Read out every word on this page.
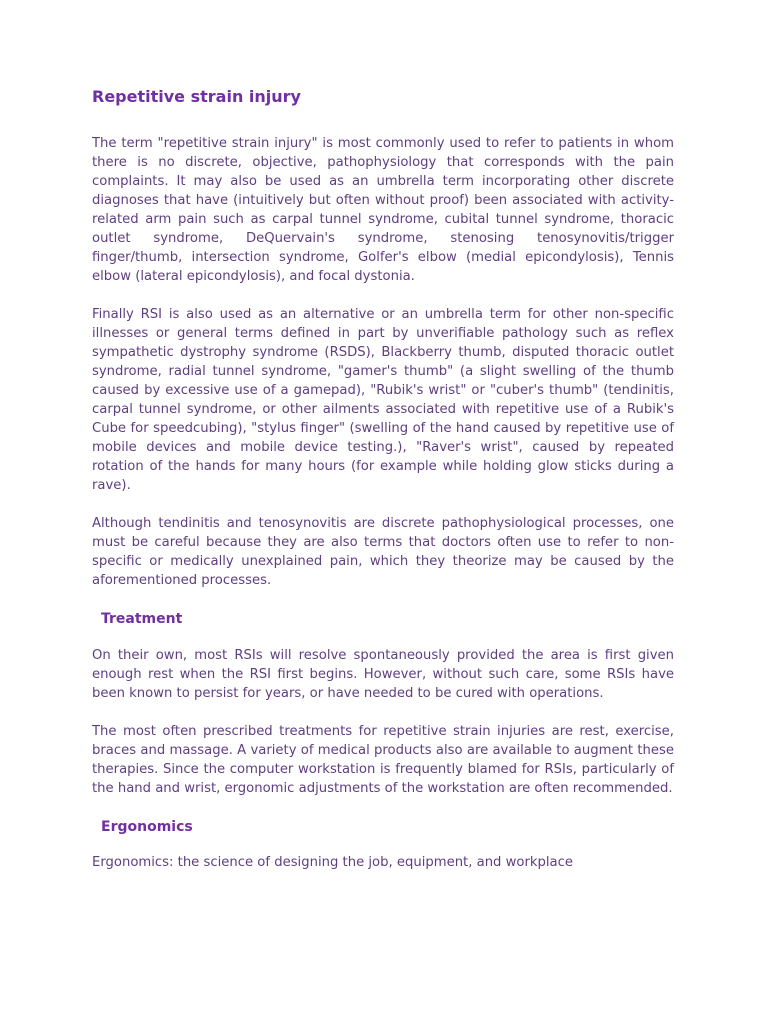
Repetitive strain injury

The term "repetitive strain injury" is most commonly used to refer to patients in whom there is no discrete, objective, pathophysiology that corresponds with the pain complaints. It may also be used as an umbrella term incorporating other discrete diagnoses that have (intuitively but often without proof) been associated with activity-related arm pain such as carpal tunnel syndrome, cubital tunnel syndrome, thoracic outlet syndrome, DeQuervain's syndrome, stenosing tenosynovitis/trigger finger/thumb, intersection syndrome, Golfer's elbow (medial epicondylosis), Tennis elbow (lateral epicondylosis), and focal dystonia.

Finally RSI is also used as an alternative or an umbrella term for other non-specific illnesses or general terms defined in part by unverifiable pathology such as reflex sympathetic dystrophy syndrome (RSDS), Blackberry thumb, disputed thoracic outlet syndrome, radial tunnel syndrome, "gamer's thumb" (a slight swelling of the thumb caused by excessive use of a gamepad), "Rubik's wrist" or "cuber's thumb" (tendinitis, carpal tunnel syndrome, or other ailments associated with repetitive use of a Rubik's Cube for speedcubing), "stylus finger" (swelling of the hand caused by repetitive use of mobile devices and mobile device testing.), "Raver's wrist", caused by repeated rotation of the hands for many hours (for example while holding glow sticks during a rave).

Although tendinitis and tenosynovitis are discrete pathophysiological processes, one must be careful because they are also terms that doctors often use to refer to non-specific or medically unexplained pain, which they theorize may be caused by the aforementioned processes.

Treatment

On their own, most RSIs will resolve spontaneously provided the area is first given enough rest when the RSI first begins. However, without such care, some RSIs have been known to persist for years, or have needed to be cured with operations.

The most often prescribed treatments for repetitive strain injuries are rest, exercise, braces and massage. A variety of medical products also are available to augment these therapies. Since the computer workstation is frequently blamed for RSIs, particularly of the hand and wrist, ergonomic adjustments of the workstation are often recommended.

Ergonomics

Ergonomics: the science of designing the job, equipment, and workplace
